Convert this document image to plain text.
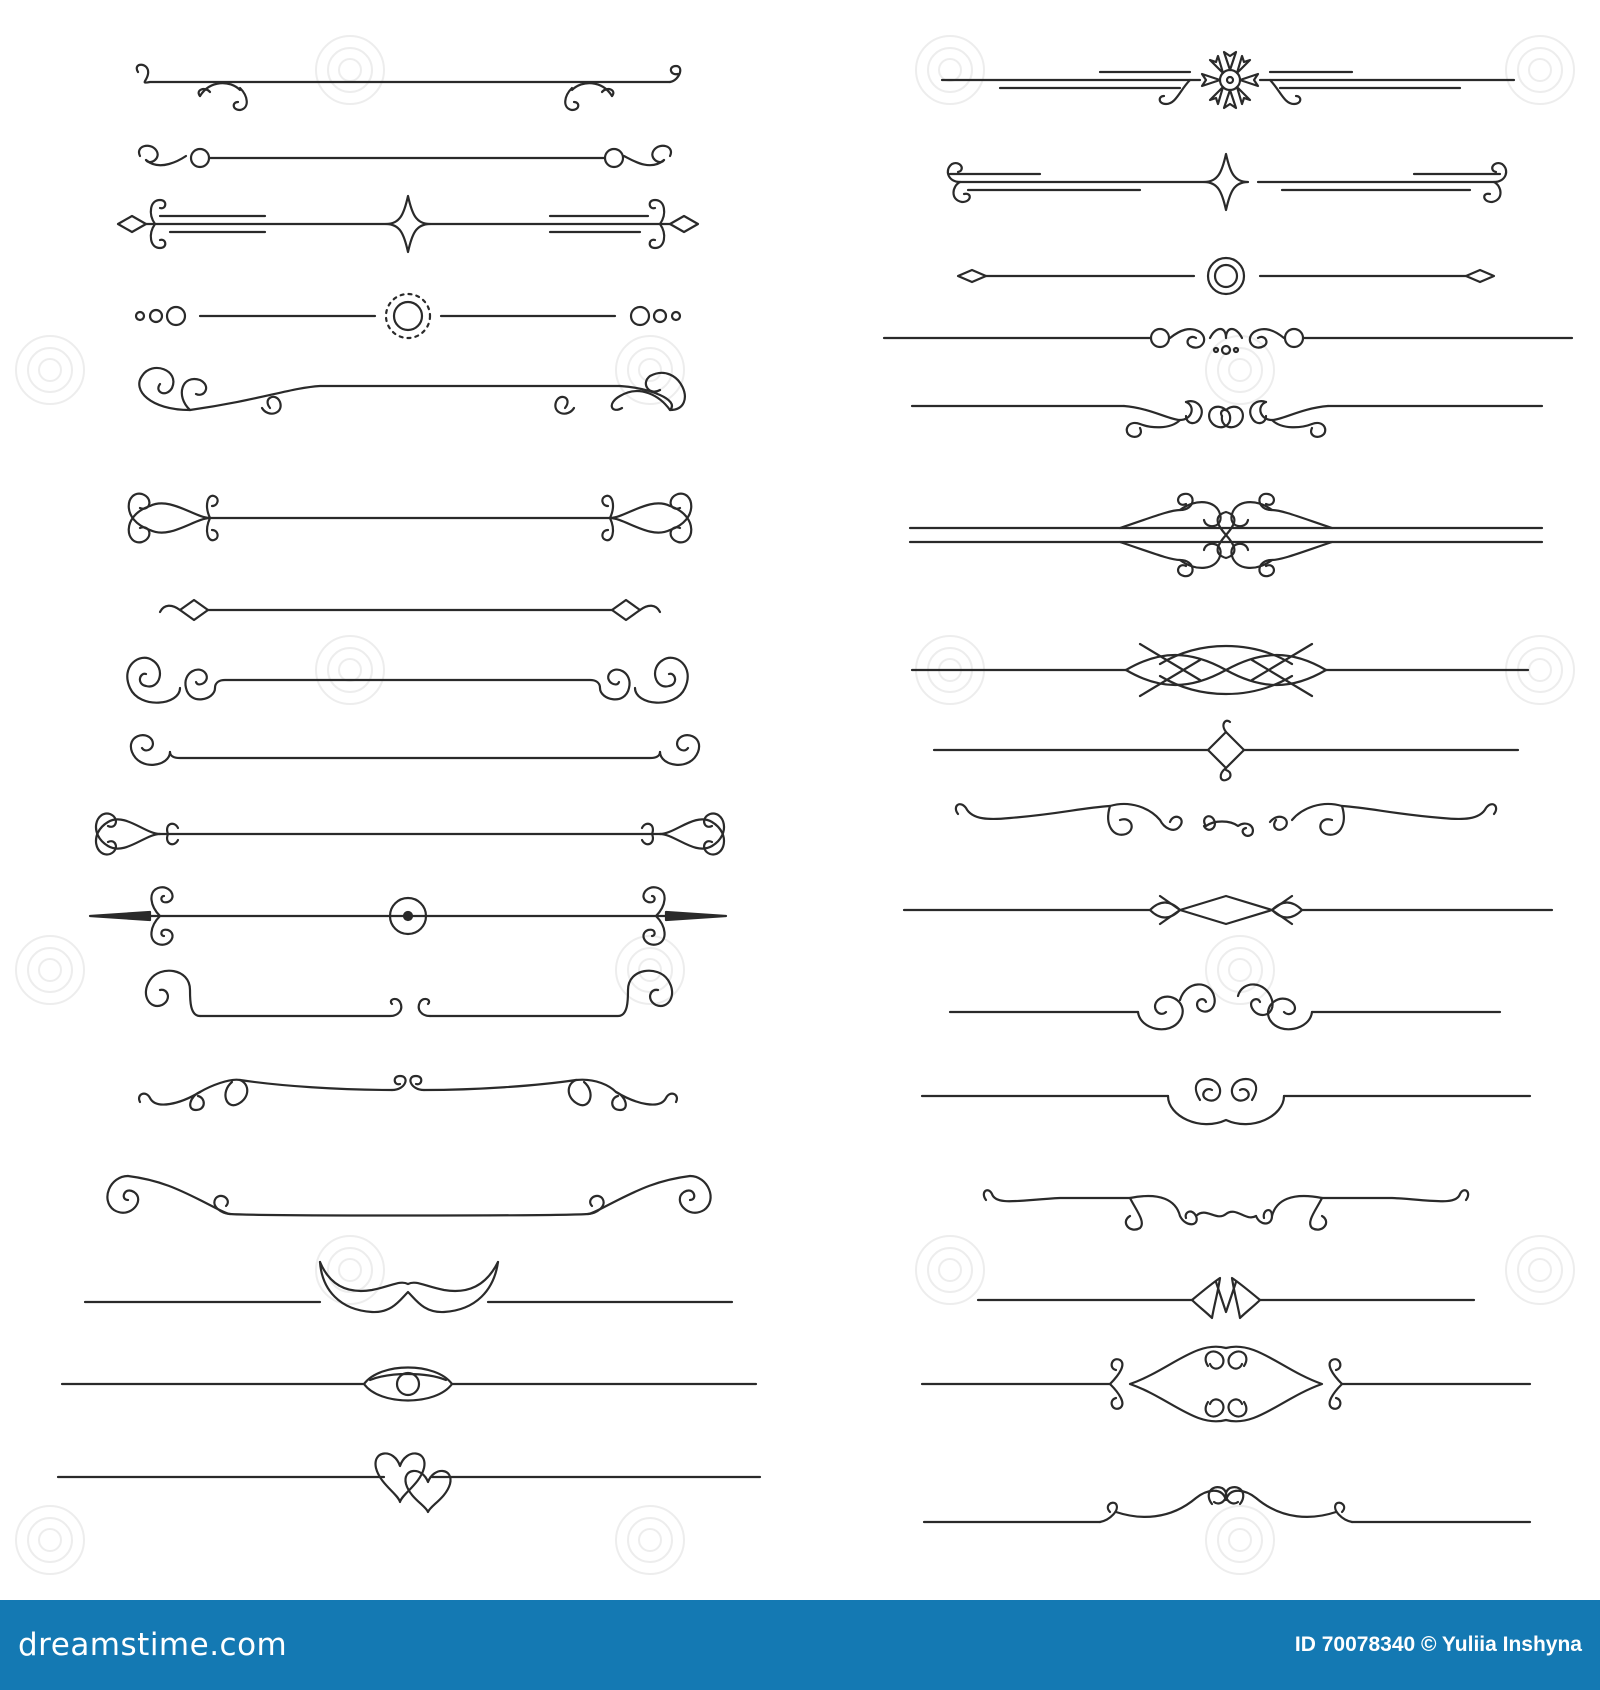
dreamstime.com	ID 70078340 © Yuliia Inshyna
